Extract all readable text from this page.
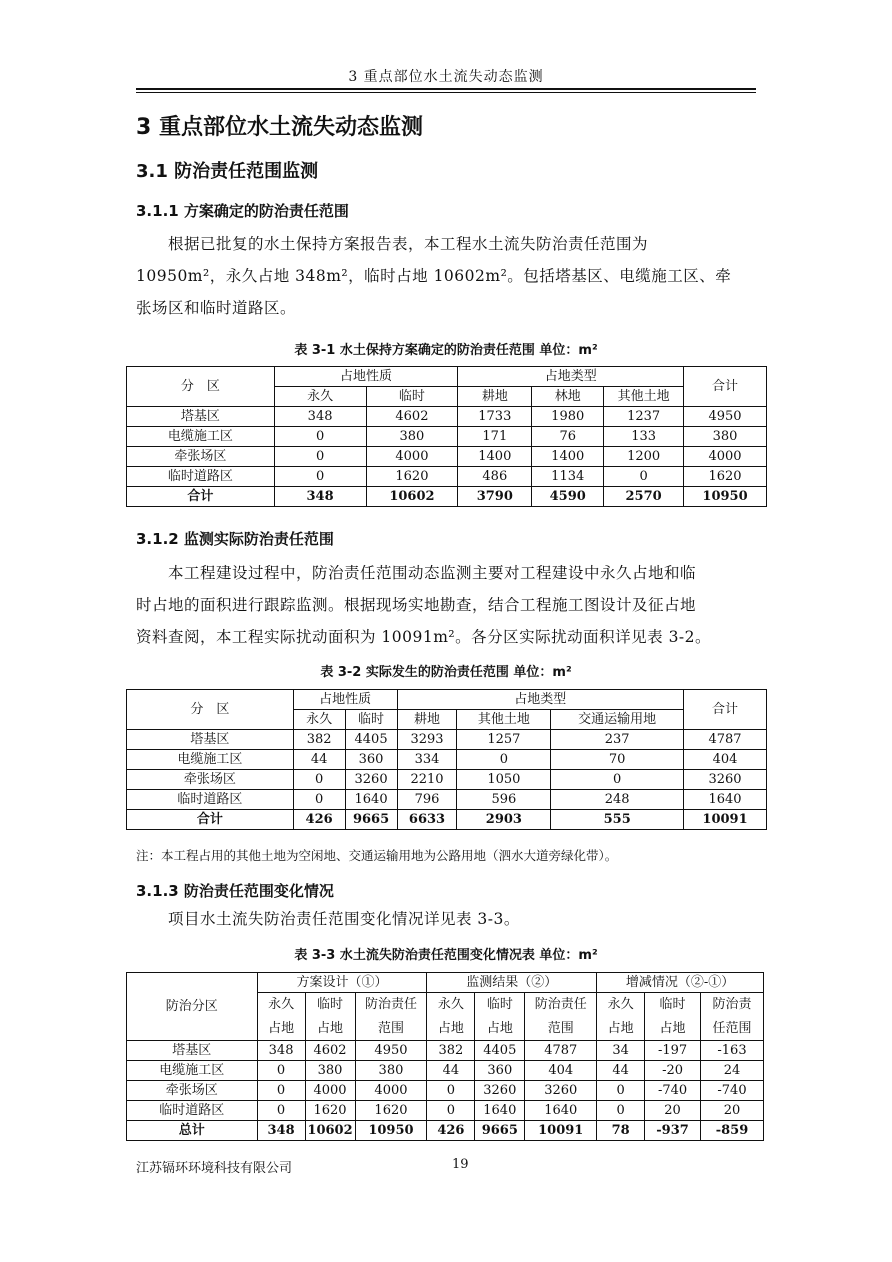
3 重点部位水土流失动态监测
3 重点部位水土流失动态监测
3.1 防治责任范围监测
3.1.1 方案确定的防治责任范围
根据已批复的水土保持方案报告表，本工程水土流失防治责任范围为
10950m²，永久占地 348m²，临时占地 10602m²。包括塔基区、电缆施工区、牵
张场区和临时道路区。
表 3-1 水土保持方案确定的防治责任范围 单位：m²
分　区	占地性质		占地类型			合计
	永久	临时	耕地	林地	其他土地	
塔基区	348	4602	1733	1980	1237	4950
电缆施工区	0	380	171	76	133	380
牵张场区	0	4000	1400	1400	1200	4000
临时道路区	0	1620	486	1134	0	1620
合计	348	10602	3790	4590	2570	10950
3.1.2 监测实际防治责任范围
本工程建设过程中，防治责任范围动态监测主要对工程建设中永久占地和临
时占地的面积进行跟踪监测。根据现场实地勘查，结合工程施工图设计及征占地
资料查阅，本工程实际扰动面积为 10091m²。各分区实际扰动面积详见表 3-2。
表 3-2 实际发生的防治责任范围 单位：m²
分　区	占地性质		占地类型			合计
	永久	临时	耕地	其他土地	交通运输用地	
塔基区	382	4405	3293	1257	237	4787
电缆施工区	44	360	334	0	70	404
牵张场区	0	3260	2210	1050	0	3260
临时道路区	0	1640	796	596	248	1640
合计	426	9665	6633	2903	555	10091
注：本工程占用的其他土地为空闲地、交通运输用地为公路用地（泗水大道旁绿化带）。
3.1.3 防治责任范围变化情况
项目水土流失防治责任范围变化情况详见表 3-3。
表 3-3 水土流失防治责任范围变化情况表 单位：m²
防治分区	方案设计（①）			监测结果（②）			增减情况（②-①）		
	永久	临时	防治责任	永久	临时	防治责任	永久	临时	防治责
	占地	占地	范围	占地	占地	范围	占地	占地	任范围
塔基区	348	4602	4950	382	4405	4787	34	-197	-163
电缆施工区	0	380	380	44	360	404	44	-20	24
牵张场区	0	4000	4000	0	3260	3260	0	-740	-740
临时道路区	0	1620	1620	0	1640	1640	0	20	20
总计	348	10602	10950	426	9665	10091	78	-937	-859
江苏镉环环境科技有限公司	19
